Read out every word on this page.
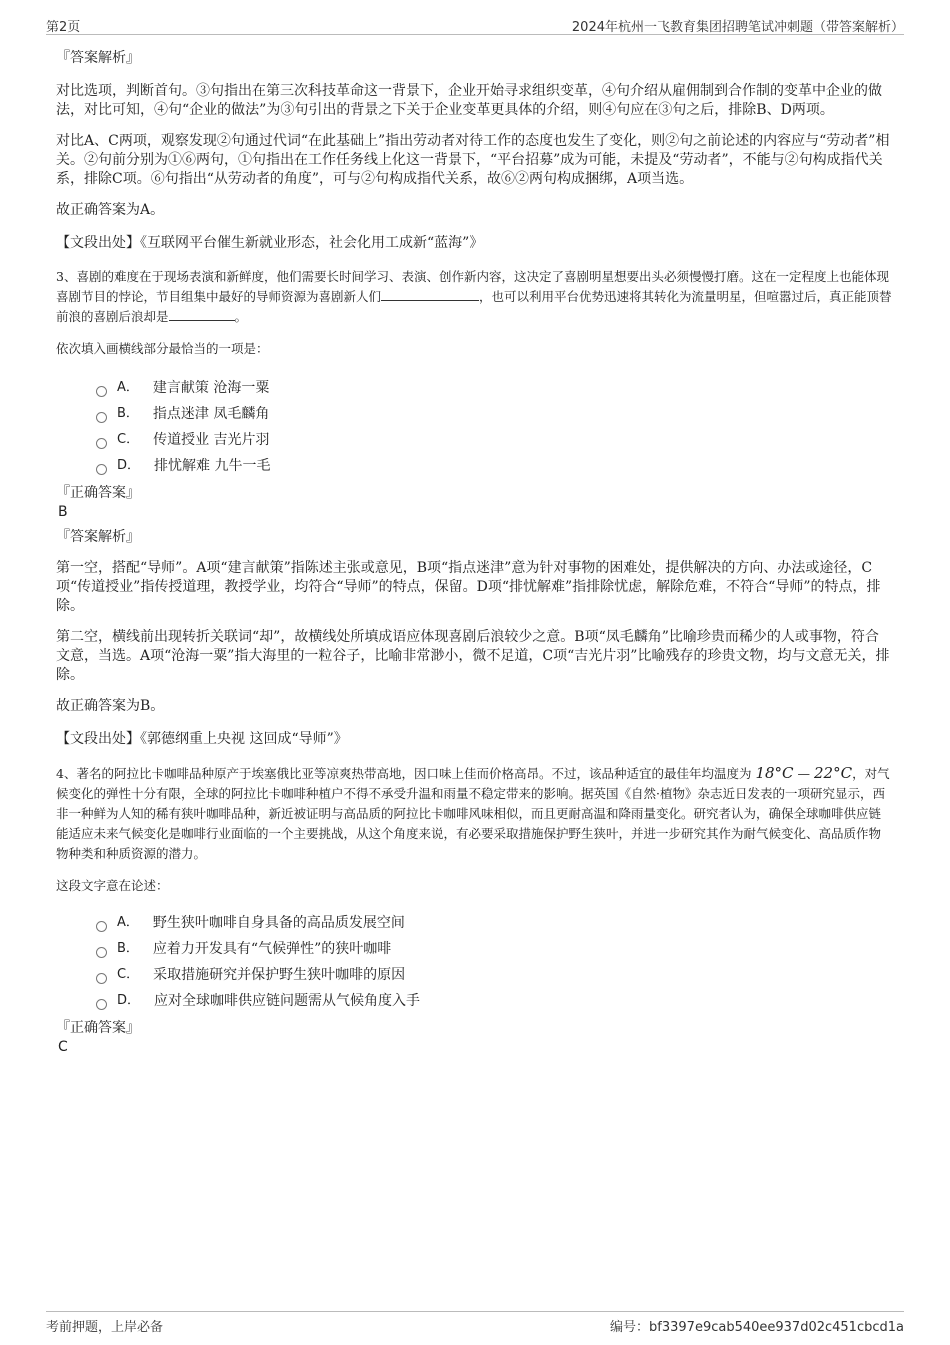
第2页	2024年杭州一飞教育集团招聘笔试冲刺题（带答案解析）

『答案解析』

对比选项，判断首句。③句指出在第三次科技革命这一背景下，企业开始寻求组织变革，④句介绍从雇佣制到合作制的变革中企业的做法，对比可知，④句“企业的做法”为③句引出的背景之下关于企业变革更具体的介绍，则④句应在③句之后，排除B、D两项。

对比A、C两项，观察发现②句通过代词“在此基础上”指出劳动者对待工作的态度也发生了变化，则②句之前论述的内容应与“劳动者”相关。②句前分别为①⑥两句，①句指出在工作任务线上化这一背景下，“平台招募”成为可能，未提及“劳动者”，不能与②句构成指代关系，排除C项。⑥句指出“从劳动者的角度”，可与②句构成指代关系，故⑥②两句构成捆绑，A项当选。

故正确答案为A。

【文段出处】《互联网平台催生新就业形态，社会化用工成新“蓝海”》

3、喜剧的难度在于现场表演和新鲜度，他们需要长时间学习、表演、创作新内容，这决定了喜剧明星想要出头必须慢慢打磨。这在一定程度上也能体现喜剧节目的悖论，节目组集中最好的导师资源为喜剧新人们	，也可以利用平台优势迅速将其转化为流量明星，但喧嚣过后，真正能顶替前浪的喜剧后浪却是	。

依次填入画横线部分最恰当的一项是：

A． 建言献策 沧海一粟
B． 指点迷津 凤毛麟角
C． 传道授业 吉光片羽
D． 排忧解难 九牛一毛

『正确答案』

B

『答案解析』

第一空，搭配“导师”。A项“建言献策”指陈述主张或意见，B项“指点迷津”意为针对事物的困难处，提供解决的方向、办法或途径，C项“传道授业”指传授道理，教授学业，均符合“导师”的特点，保留。D项“排忧解难”指排除忧虑，解除危难，不符合“导师”的特点，排除。

第二空，横线前出现转折关联词“却”，故横线处所填成语应体现喜剧后浪较少之意。B项“凤毛麟角”比喻珍贵而稀少的人或事物，符合文意，当选。A项“沧海一粟”指大海里的一粒谷子，比喻非常渺小，微不足道，C项“吉光片羽”比喻残存的珍贵文物，均与文意无关，排除。

故正确答案为B。

【文段出处】《郭德纲重上央视 这回成“导师”》

4、著名的阿拉比卡咖啡品种原产于埃塞俄比亚等凉爽热带高地，因口味上佳而价格高昂。不过，该品种适宜的最佳年均温度为 18°C — 22°C，对气候变化的弹性十分有限，全球的阿拉比卡咖啡种植户不得不承受升温和雨量不稳定带来的影响。据英国《自然·植物》杂志近日发表的一项研究显示，西非一种鲜为人知的稀有狭叶咖啡品种，新近被证明与高品质的阿拉比卡咖啡风味相似，而且更耐高温和降雨量变化。研究者认为，确保全球咖啡供应链能适应未来气候变化是咖啡行业面临的一个主要挑战，从这个角度来说，有必要采取措施保护野生狭叶，并进一步研究其作为耐气候变化、高品质作物物种类和种质资源的潜力。

这段文字意在论述：

A． 野生狭叶咖啡自身具备的高品质发展空间
B． 应着力开发具有“气候弹性”的狭叶咖啡
C． 采取措施研究并保护野生狭叶咖啡的原因
D． 应对全球咖啡供应链问题需从气候角度入手

『正确答案』

C

考前押题，上岸必备	编号：bf3397e9cab540ee937d02c451cbcd1a
